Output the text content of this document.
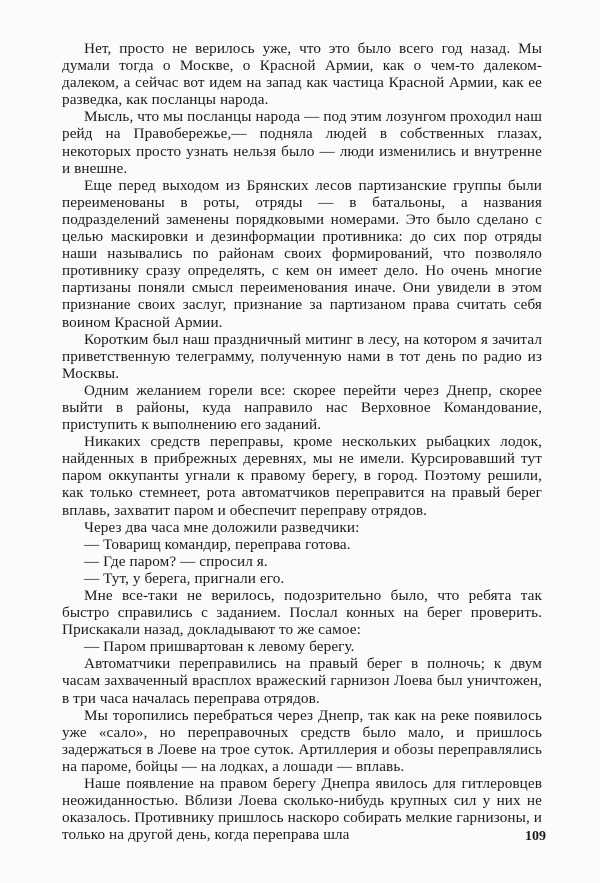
Нет, просто не верилось уже, что это было всего год назад. Мы думали тогда о Москве, о Красной Армии, как о чем-то далеком-далеком, а сейчас вот идем на запад как частица Красной Армии, как ее разведка, как посланцы народа.

Мысль, что мы посланцы народа — под этим лозунгом проходил наш рейд на Правобережье,— подняла людей в собственных глазах, некоторых просто узнать нельзя было — люди изменились и внутренне и внешне.

Еще перед выходом из Брянских лесов партизанские группы были переименованы в роты, отряды — в батальоны, а названия подразделений заменены порядковыми номерами. Это было сделано с целью маскировки и дезинформации противника: до сих пор отряды наши назывались по районам своих формирований, что позволяло противнику сразу определять, с кем он имеет дело. Но очень многие партизаны поняли смысл переименования иначе. Они увидели в этом признание своих заслуг, признание за партизаном права считать себя воином Красной Армии.

Коротким был наш праздничный митинг в лесу, на котором я зачитал приветственную телеграмму, полученную нами в тот день по радио из Москвы.

Одним желанием горели все: скорее перейти через Днепр, скорее выйти в районы, куда направило нас Верховное Командование, приступить к выполнению его заданий.

Никаких средств переправы, кроме нескольких рыбацких лодок, найденных в прибрежных деревнях, мы не имели. Курсировавший тут паром оккупанты угнали к правому берегу, в город. Поэтому решили, как только стемнеет, рота автоматчиков переправится на правый берег вплавь, захватит паром и обеспечит переправу отрядов.

Через два часа мне доложили разведчики:

— Товарищ командир, переправа готова.

— Где паром? — спросил я.

— Тут, у берега, пригнали его.

Мне все-таки не верилось, подозрительно было, что ребята так быстро справились с заданием. Послал конных на берег проверить. Прискакали назад, докладывают то же самое:

— Паром пришвартован к левому берегу.

Автоматчики переправились на правый берег в полночь; к двум часам захваченный врасплох вражеский гарнизон Лоева был уничтожен, в три часа началась переправа отрядов.

Мы торопились перебраться через Днепр, так как на реке появилось уже «сало», но переправочных средств было мало, и пришлось задержаться в Лоеве на трое суток. Артиллерия и обозы переправлялись на пароме, бойцы — на лодках, а лошади — вплавь.

Наше появление на правом берегу Днепра явилось для гитлеровцев неожиданностью. Вблизи Лоева сколько-нибудь крупных сил у них не оказалось. Противнику пришлось наскоро собирать мелкие гарнизоны, и только на другой день, когда переправа шла	109
